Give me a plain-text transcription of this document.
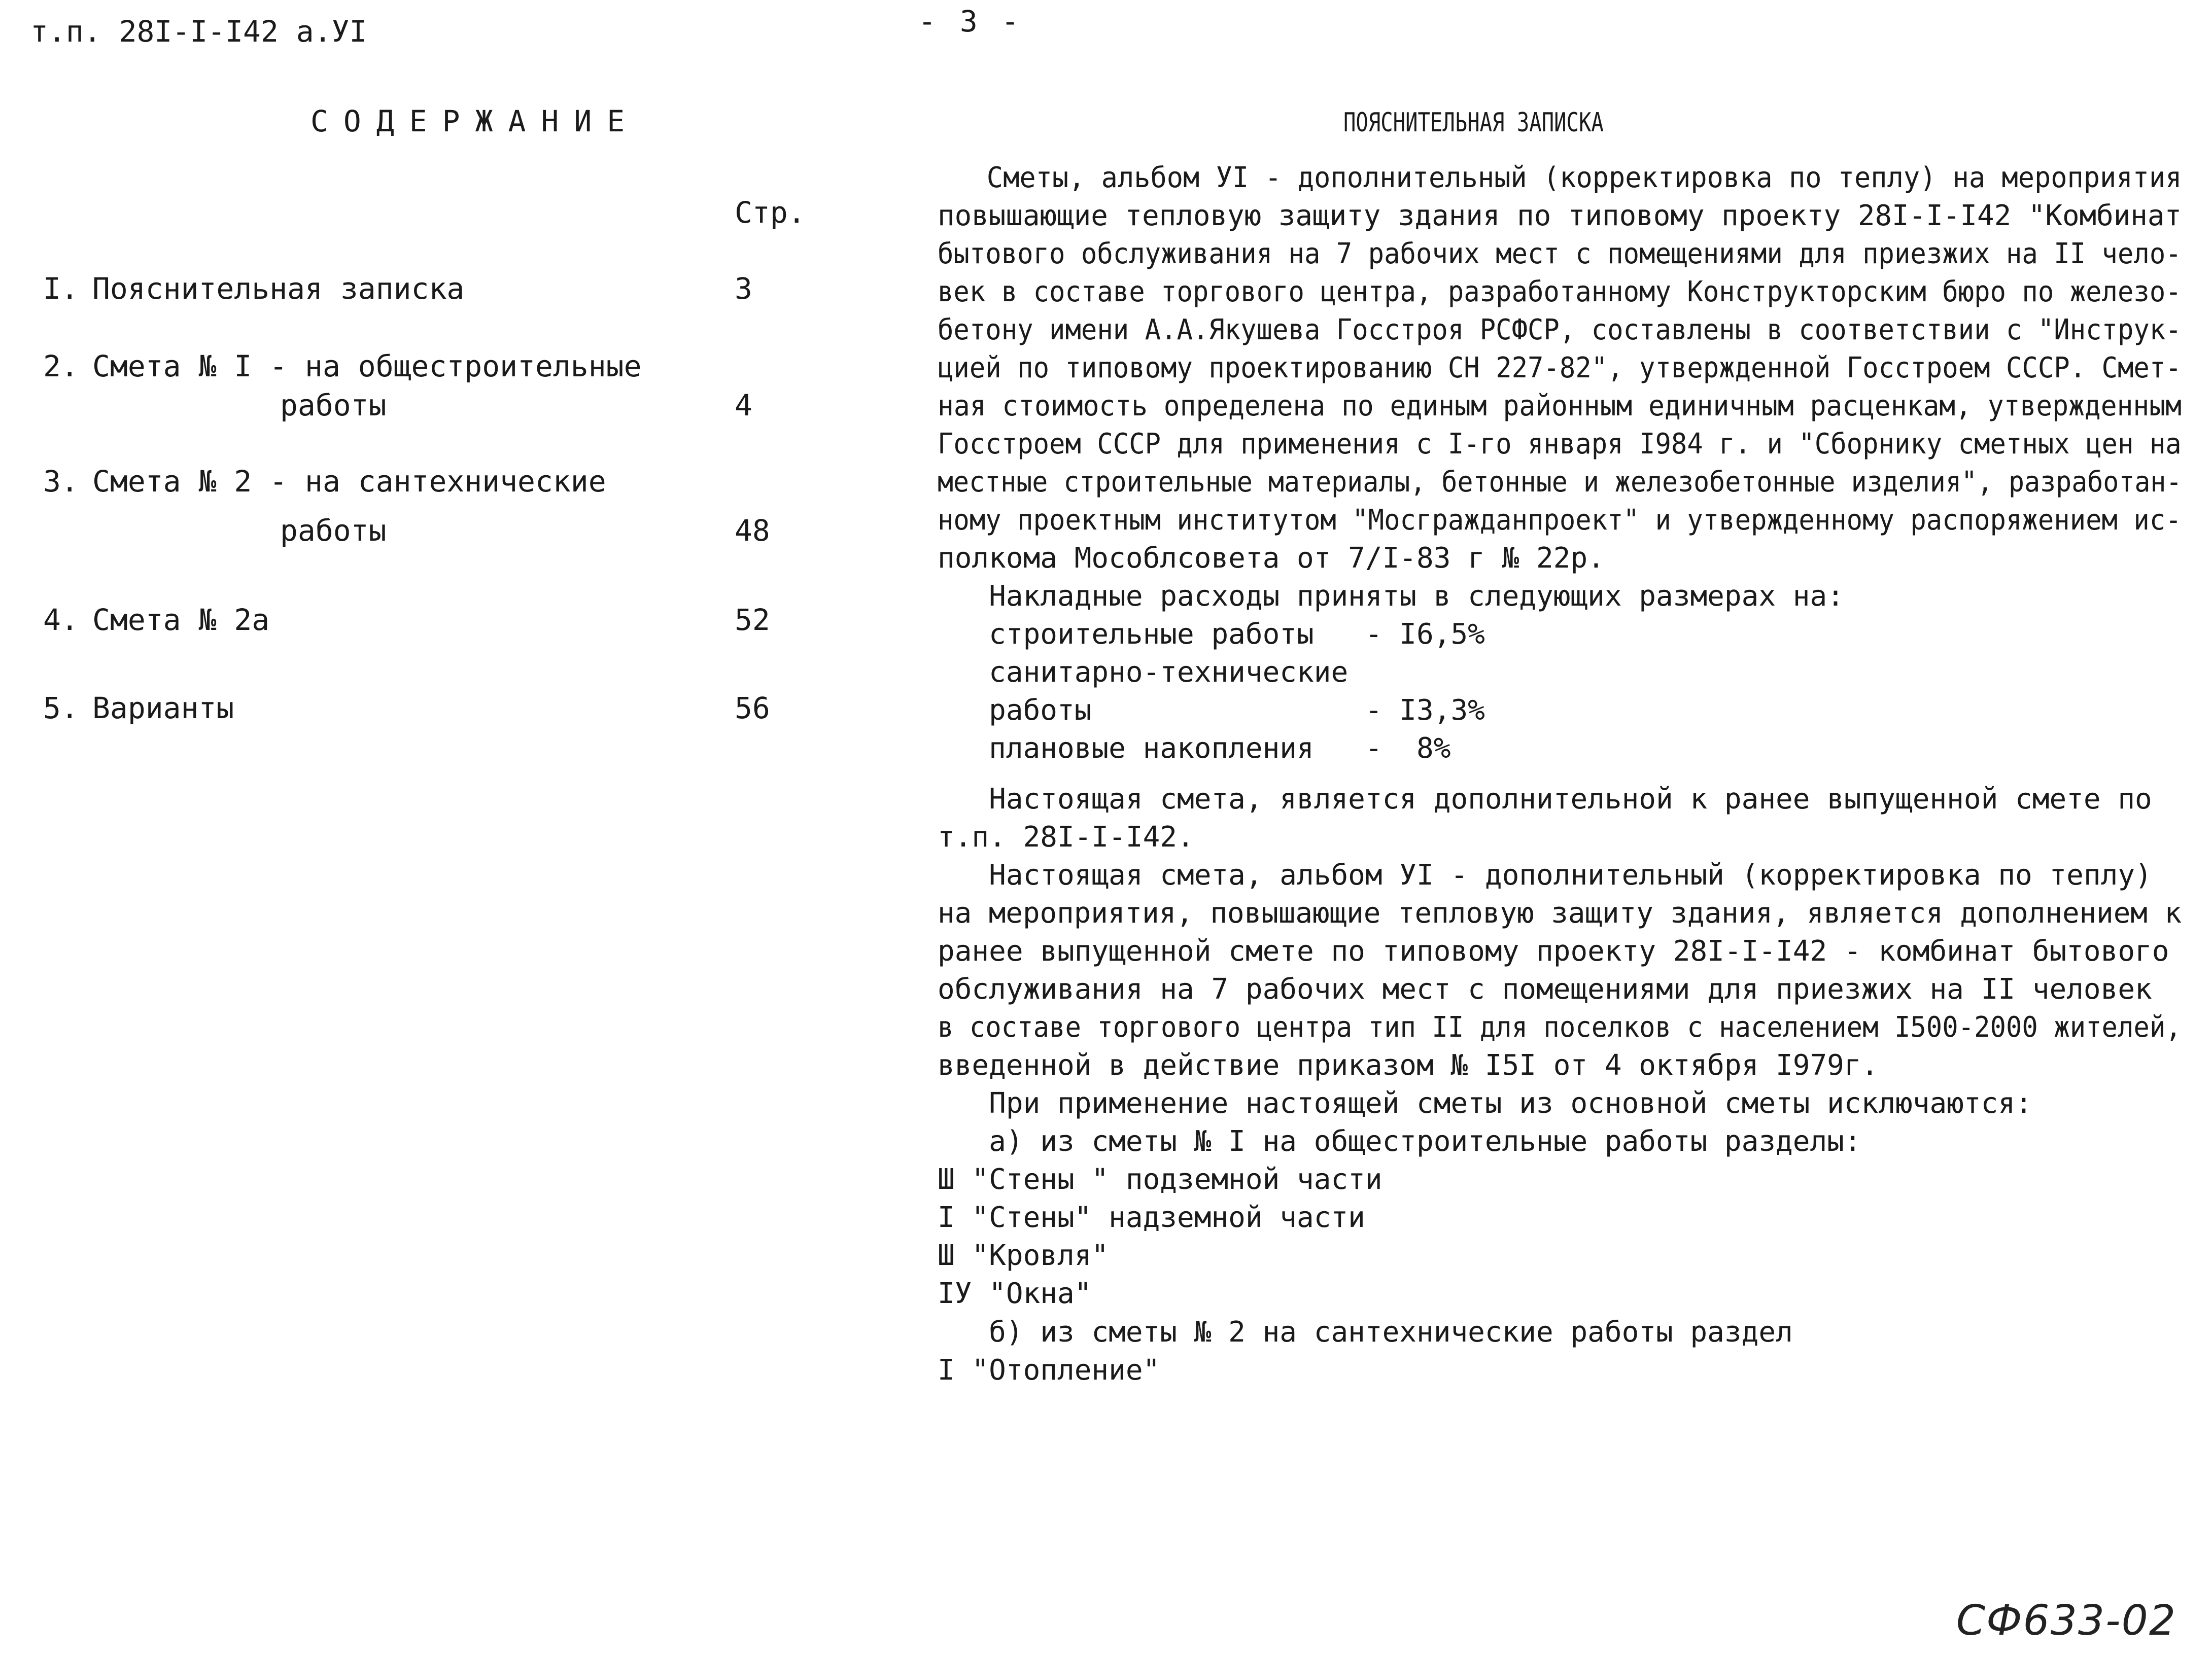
т.п. 28I-I-I42 а.УI	- 3 -
СОДЕРЖАНИЕ
Стр.
I. Пояснительная записка	3
2. Смета № I - на общестроительные
работы	4
3. Смета № 2 - на сантехнические
работы	48
4. Смета № 2а	52
5. Варианты	56
ПОЯСНИТЕЛЬНАЯ ЗАПИСКА
Сметы, альбом УI - дополнительный (корректировка по теплу) на мероприятия
повышающие тепловую защиту здания по типовому проекту 28I-I-I42 "Комбинат
бытового обслуживания на 7 рабочих мест с помещениями для приезжих на II чело-
век в составе торгового центра, разработанному Конструкторским бюро по железо-
бетону имени А.А.Якушева Госстроя РСФСР, составлены в соответствии с "Инструк-
цией по типовому проектированию СН 227-82", утвержденной Госстроем СССР. Смет-
ная стоимость определена по единым районным единичным расценкам, утвержденным
Госстроем СССР для применения с I-го января I984 г. и "Сборнику сметных цен на
местные строительные материалы, бетонные и железобетонные изделия", разработан-
ному проектным институтом "Мосгражданпроект" и утвержденному распоряжением ис-
полкома Мособлсовета от 7/I-83 г № 22р.
Накладные расходы приняты в следующих размерах на:
строительные работы   - I6,5%
санитарно-технические
работы                - I3,3%
плановые накопления   -  8%
Настоящая смета, является дополнительной к ранее выпущенной смете по
т.п. 28I-I-I42.
Настоящая смета, альбом УI - дополнительный (корректировка по теплу)
на мероприятия, повышающие тепловую защиту здания, является дополнением к
ранее выпущенной смете по типовому проекту 28I-I-I42 - комбинат бытового
обслуживания на 7 рабочих мест с помещениями для приезжих на II человек
в составе торгового центра тип II для поселков с населением I500-2000 жителей,
введенной в действие приказом № I5I от 4 октября I979г.
При применение настоящей сметы из основной сметы исключаются:
а) из сметы № I на общестроительные работы разделы:
Ш "Стены " подземной части
I "Стены" надземной части
Ш "Кровля"
IУ "Окна"
б) из сметы № 2 на сантехнические работы раздел
I "Отопление"
СФ633-02
